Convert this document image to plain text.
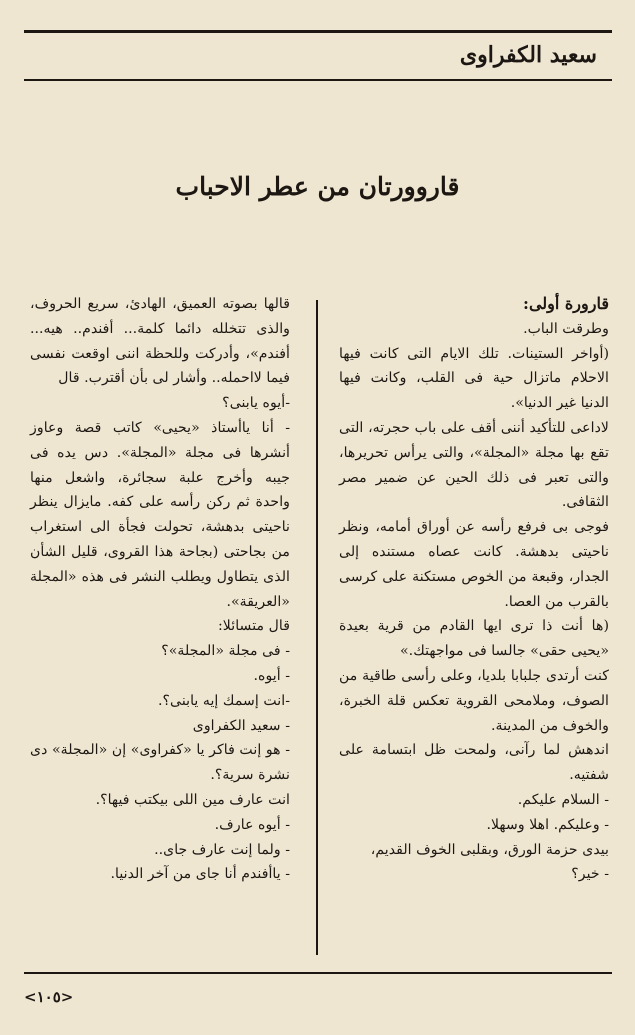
سعيد الكفراوى
قاروورتان من عطر الاحباب

قارورة أولى:

وطرقت الباب.

(أواخر الستينات. تلك الايام التى كانت فيها الاحلام ماتزال حية فى القلب، وكانت فيها الدنيا غير الدنيا».

لاداعى للتأكيد أننى أقف على باب حجرته، التى تقع بها مجلة «المجلة»، والتى يرأس تحريرها، والتى تعبر فى ذلك الحين عن ضمير مصر الثقافى.

فوجى بى فرفع رأسه عن أوراق أمامه، ونظر ناحيتى بدهشة. كانت عصاه مستنده إلى الجدار، وقبعة من الخوص مستكنة على كرسى بالقرب من العصا.

(ها أنت ذا ترى ايها القادم من قرية بعيدة «يحيى حقى» جالسا فى مواجهتك.»

كنت أرتدى جلبابا بلديا، وعلى رأسى طاقية من الصوف، وملامحى القروية تعكس قلة الخبرة، والخوف من المدينة.

اندهش لما رآنى، ولمحت ظل ابتسامة على شفتيه.

- السلام عليكم.

- وعليكم. اهلا وسهلا.

بيدى حزمة الورق، وبقلبى الخوف القديم،

- خير؟

قالها بصوته العميق، الهادئ، سريع الحروف، والذى تتخلله دائما كلمة... أفندم.. هيه... أفندم»، وأدركت وللحظة اننى اوقعت نفسى فيما لااحمله.. وأشار لى بأن أقترب. قال

-أيوه يابنى؟

- أنا ياأستاذ «يحيى» كاتب قصة وعاوز أنشرها فى مجلة «المجلة». دس يده فى جيبه وأخرج علبة سجائرة، واشعل منها واحدة ثم ركن رأسه على كفه. مايزال ينظر ناحيتى بدهشة، تحولت فجأة الى استغراب من بجاحتى (بجاحة هذا القروى، قليل الشأن الذى يتطاول ويطلب النشر فى هذه «المجلة «العريقة».

قال متسائلا:

- فى مجلة «المجلة»؟

- أيوه.

-انت إسمك إيه يابنى؟.

- سعيد الكفراوى

- هو إنت فاكر يا «كفراوى» إن «المجلة» دى نشرة سرية؟.

انت عارف مين اللى بيكتب فيها؟.

- أيوه عارف.

- ولما إنت عارف جاى..

- ياأفندم أنا جاى من آخر الدنيا.

<١٠٥>
